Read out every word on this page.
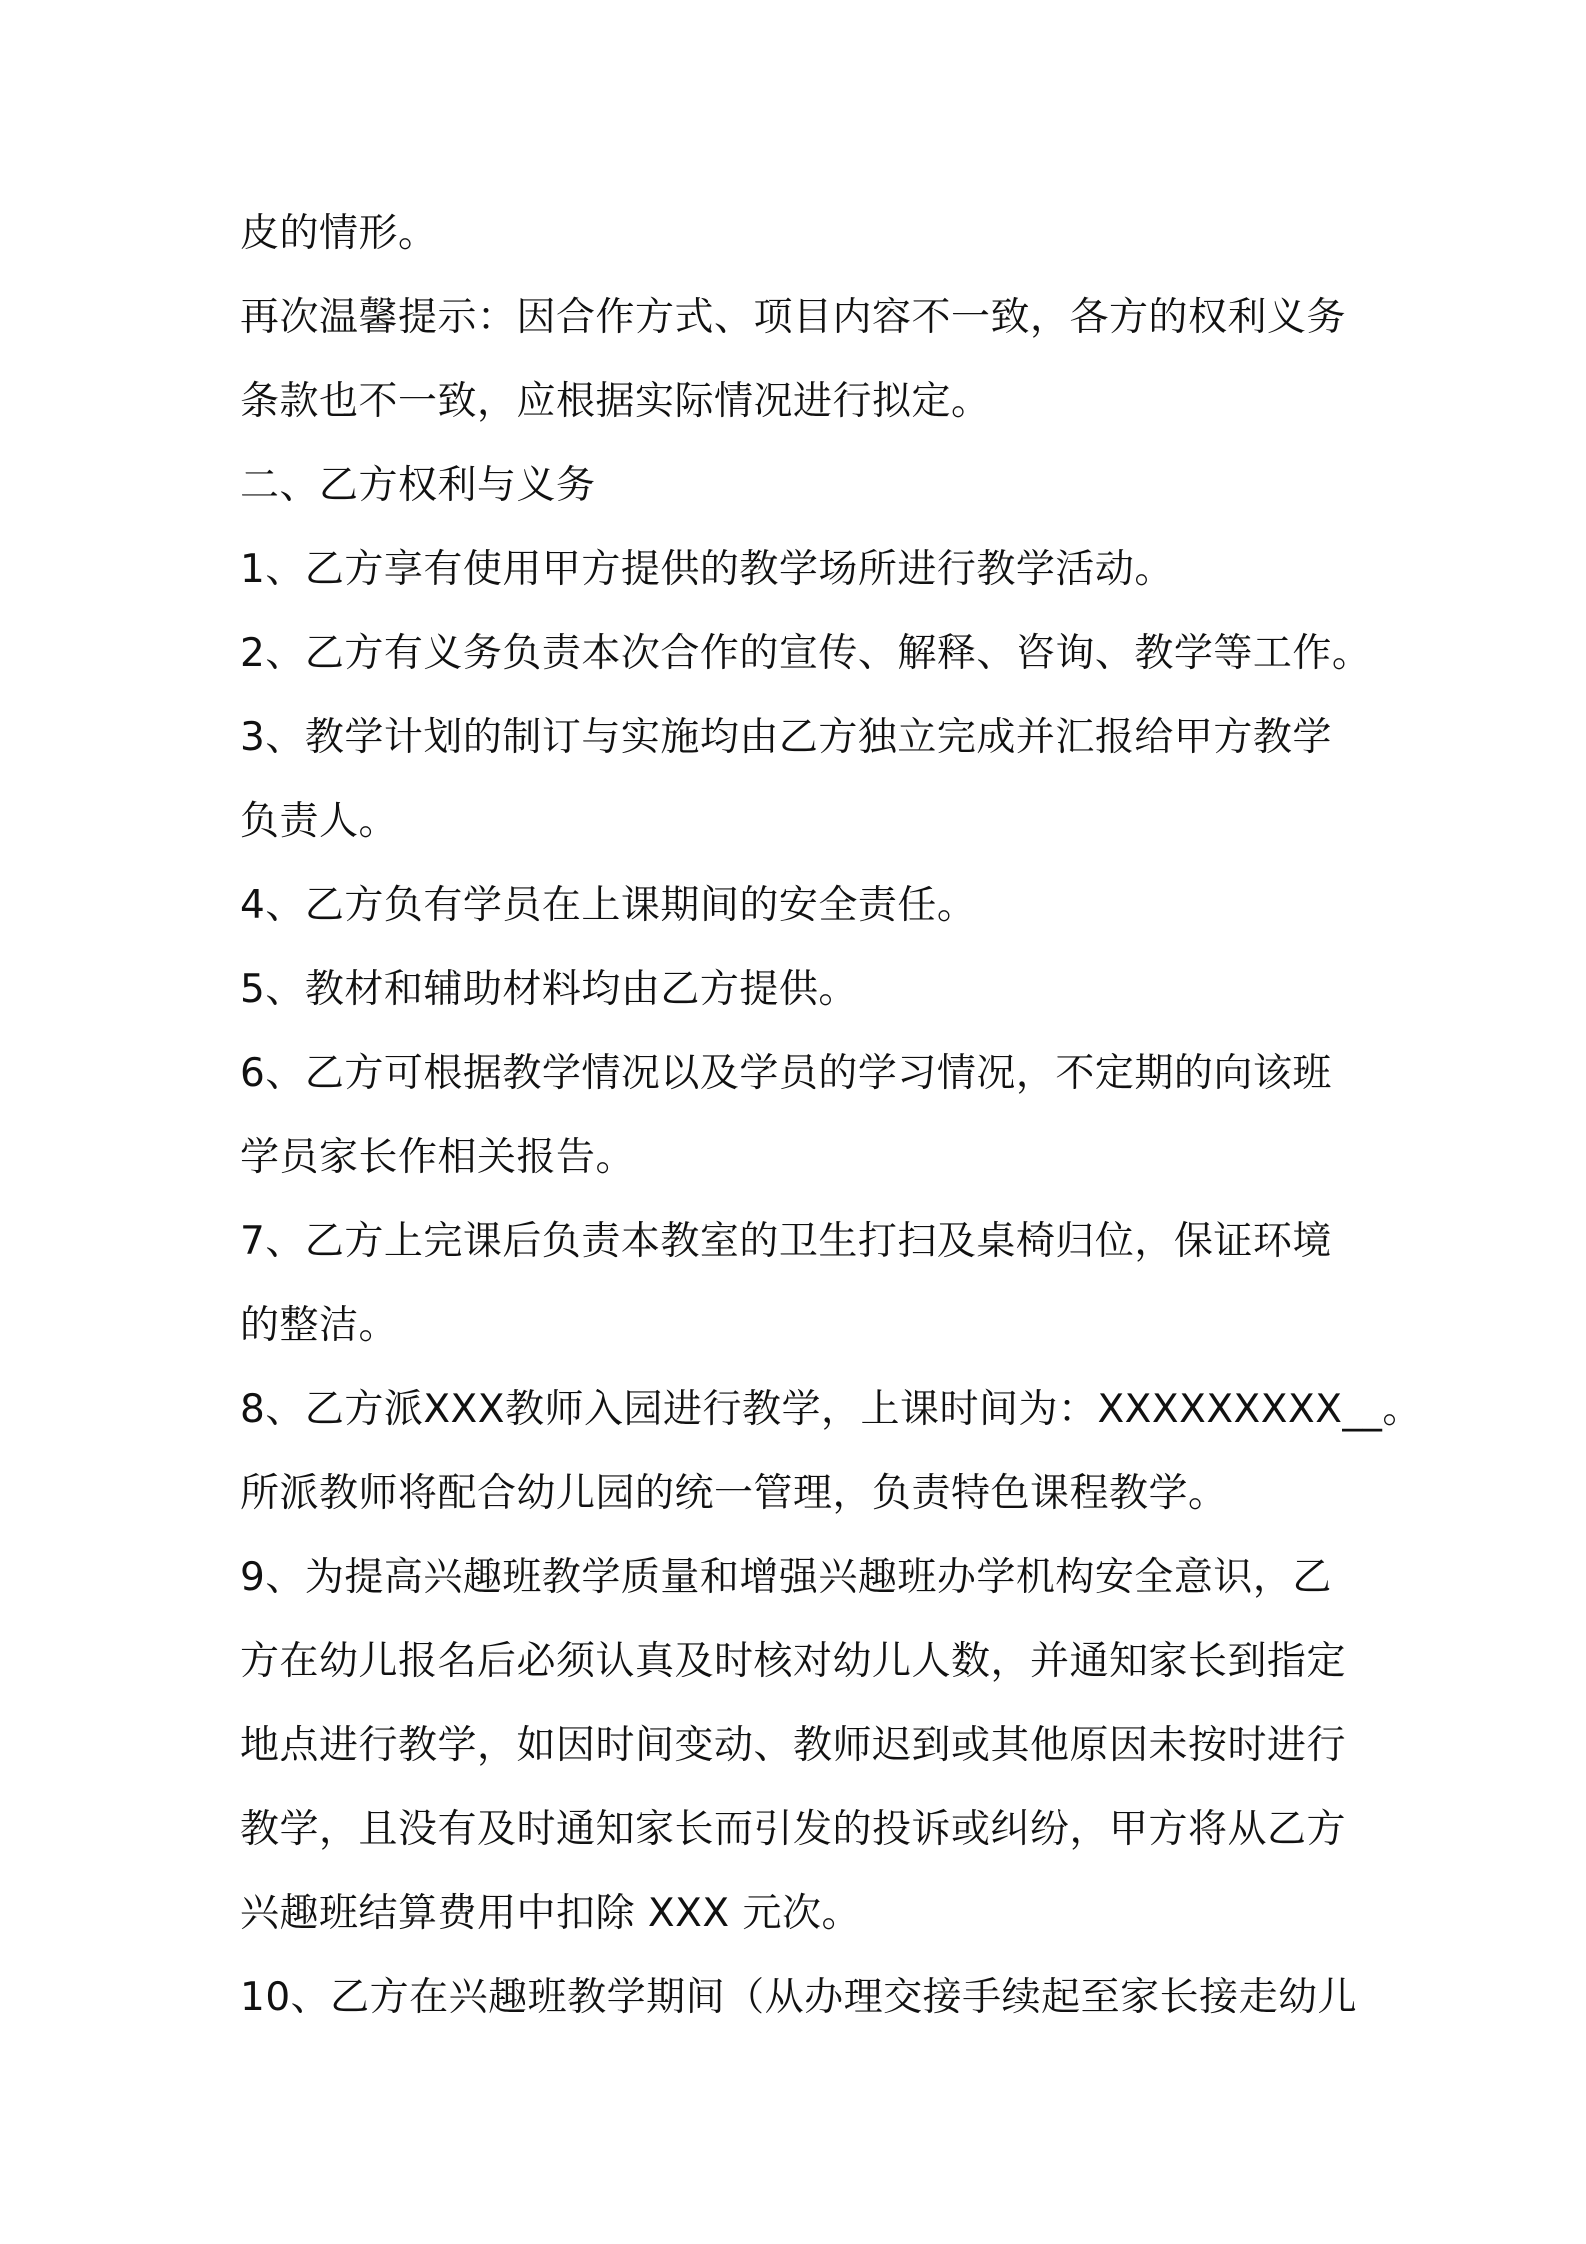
皮的情形。
再次温馨提示：因合作方式、项目内容不一致，各方的权利义务
条款也不一致，应根据实际情况进行拟定。
二、乙方权利与义务
1、乙方享有使用甲方提供的教学场所进行教学活动。
2、乙方有义务负责本次合作的宣传、解释、咨询、教学等工作。
3、教学计划的制订与实施均由乙方独立完成并汇报给甲方教学
负责人。
4、乙方负有学员在上课期间的安全责任。
5、教材和辅助材料均由乙方提供。
6、乙方可根据教学情况以及学员的学习情况，不定期的向该班
学员家长作相关报告。
7、乙方上完课后负责本教室的卫生打扫及桌椅归位，保证环境
的整洁。
8、乙方派XXX教师入园进行教学，上课时间为：XXXXXXXXX__。
所派教师将配合幼儿园的统一管理，负责特色课程教学。
9、为提高兴趣班教学质量和增强兴趣班办学机构安全意识，乙
方在幼儿报名后必须认真及时核对幼儿人数，并通知家长到指定
地点进行教学，如因时间变动、教师迟到或其他原因未按时进行
教学，且没有及时通知家长而引发的投诉或纠纷，甲方将从乙方
兴趣班结算费用中扣除 XXX 元次。
10、乙方在兴趣班教学期间（从办理交接手续起至家长接走幼儿
